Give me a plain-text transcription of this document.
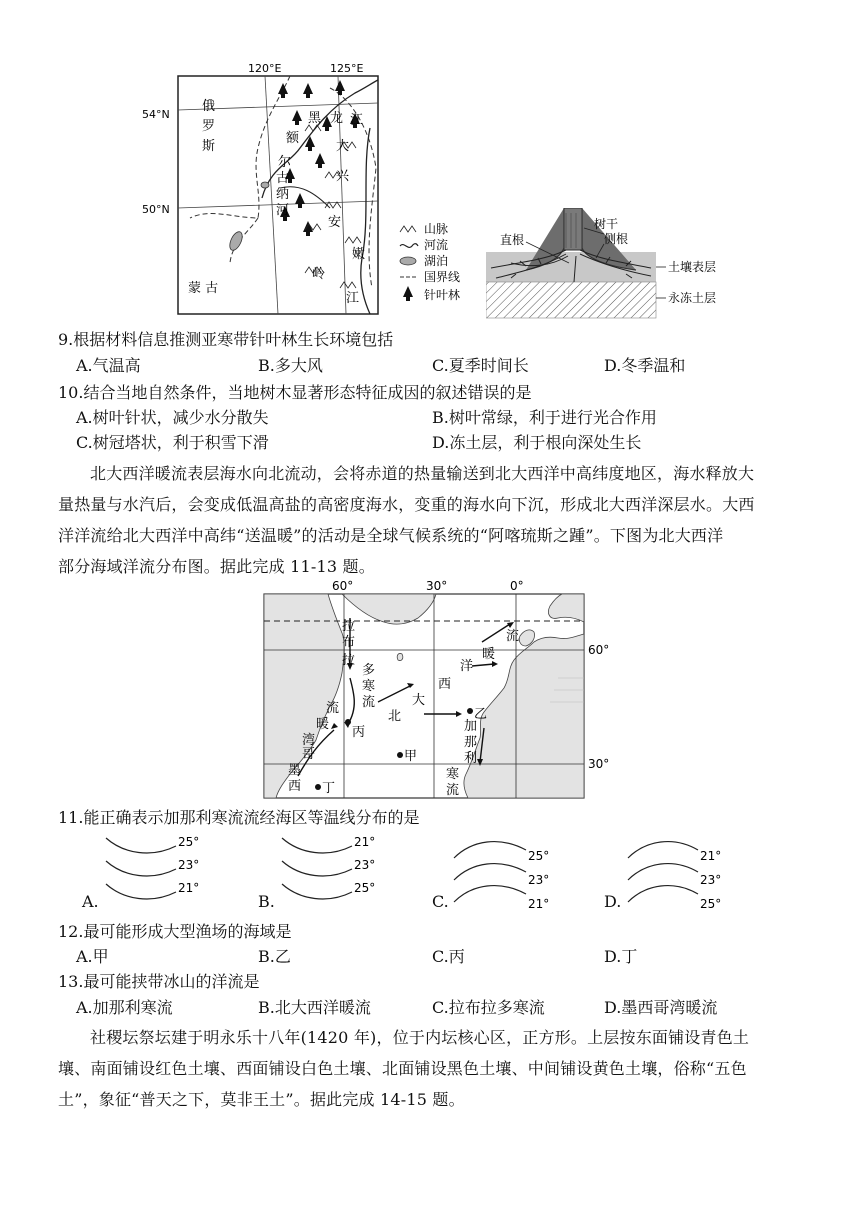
120°E	125°E
54°N
50°N
俄
罗
斯
额
尔
古
纳
河
黑 龙 江
大
兴
安
岭
嫩
江
蒙 古
山脉
河流
湖泊
国界线
针叶林
直根
树干
侧根
土壤表层
永冻土层
9.根据材料信息推测亚寒带针叶林生长环境包括
A.气温高	B.多大风	C.夏季时间长	D.冬季温和
10.结合当地自然条件，当地树木显著形态特征成因的叙述错误的是
A.树叶针状，减少水分散失	B.树叶常绿，利于进行光合作用
C.树冠塔状，利于积雪下滑	D.冻土层，利于根向深处生长
北大西洋暖流表层海水向北流动，会将赤道的热量输送到北大西洋中高纬度地区，海水释放大
量热量与水汽后，会变成低温高盐的高密度海水，变重的海水向下沉，形成北大西洋深层水。大西
洋洋流给北大西洋中高纬“送温暖”的活动是全球气候系统的“阿喀琉斯之踵”。下图为北大西洋
部分海域洋流分布图。据此完成 11-13 题。
60°	30°	0°
60°
30°
拉
布
拉
多
寒
流
北
大
西
洋
暖
流
墨
西
哥
湾
暖
流
加
那
利
寒
流
甲
乙
丙
丁
11.能正确表示加那利寒流流经海区等温线分布的是
25°
23°
21°
A.
21°
23°
25°
B.
25°
23°
21°
C.
21°
23°
25°
D.
12.最可能形成大型渔场的海域是
A.甲	B.乙	C.丙	D.丁
13.最可能挟带冰山的洋流是
A.加那利寒流	B.北大西洋暖流	C.拉布拉多寒流	D.墨西哥湾暖流
社稷坛祭坛建于明永乐十八年(1420 年)，位于内坛核心区，正方形。上层按东面铺设青色土
壤、南面铺设红色土壤、西面铺设白色土壤、北面铺设黑色土壤、中间铺设黄色土壤，俗称“五色
土”，象征“普天之下，莫非王土”。据此完成 14-15 题。
